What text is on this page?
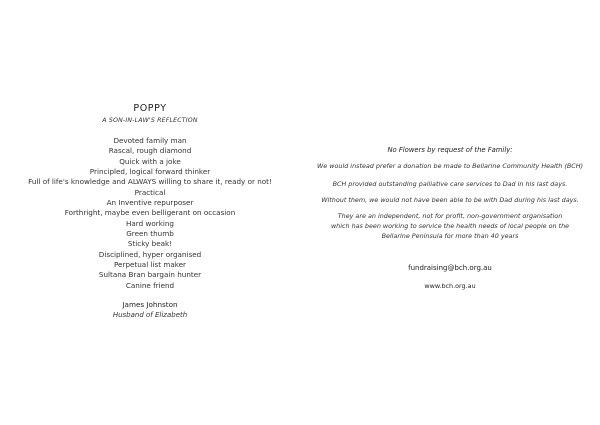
POPPY
A SON-IN-LAW'S REFLECTION
Devoted family man
Rascal, rough diamond
Quick with a joke
Principled, logical forward thinker
Full of life's knowledge and ALWAYS willing to share it, ready or not!
Practical
An Inventive repurposer
Forthright, maybe even belligerant on occasion
Hard working
Green thumb
Sticky beak!
Disciplined, hyper organised
Perpetual list maker
Sultana Bran bargain hunter
Canine friend
James Johnston
Husband of Elizabeth
No Flowers by request of the Family:
We would instead prefer a donation be made to Bellarine Community Health (BCH)
BCH provided outstanding palliative care services to Dad in his last days.
Without them, we would not have been able to be with Dad during his last days.
They are an independent, not for profit, non-government organisation
which has been working to service the health needs of local people on the
Bellarine Peninsula for more than 40 years
fundraising@bch.org.au
www.bch.org.au
